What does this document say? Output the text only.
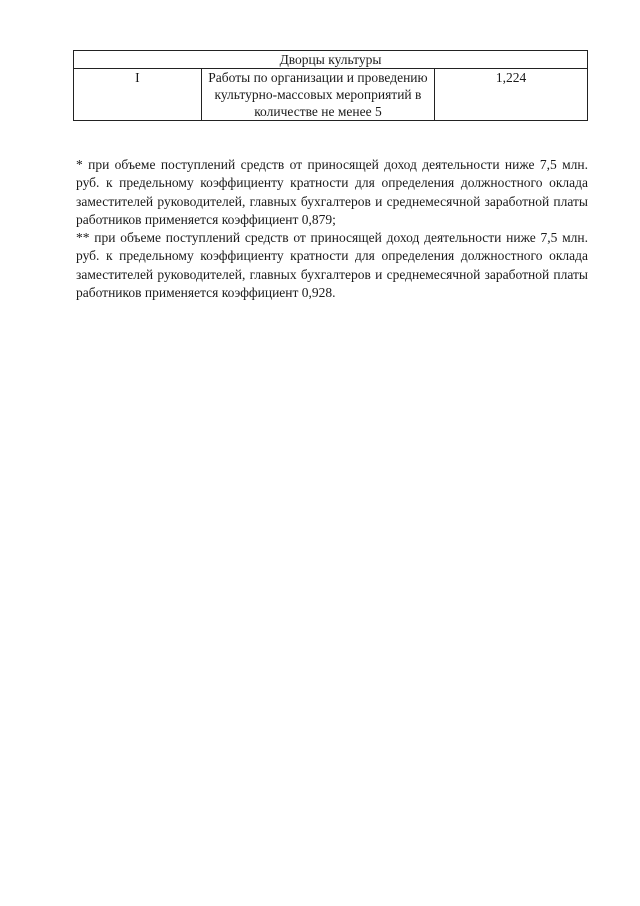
Дворцы культуры
I	Работы по организации и проведению культурно-массовых мероприятий в количестве не менее 5	1,224

* при объеме поступлений средств от приносящей доход деятельности ниже 7,5 млн. руб. к предельному коэффициенту кратности для определения должностного оклада заместителей руководителей, главных бухгалтеров и среднемесячной заработной платы работников применяется коэффициент 0,879;

** при объеме поступлений средств от приносящей доход деятельности ниже 7,5 млн. руб. к предельному коэффициенту кратности для определения должностного оклада заместителей руководителей, главных бухгалтеров и среднемесячной заработной платы работников применяется коэффициент 0,928.
